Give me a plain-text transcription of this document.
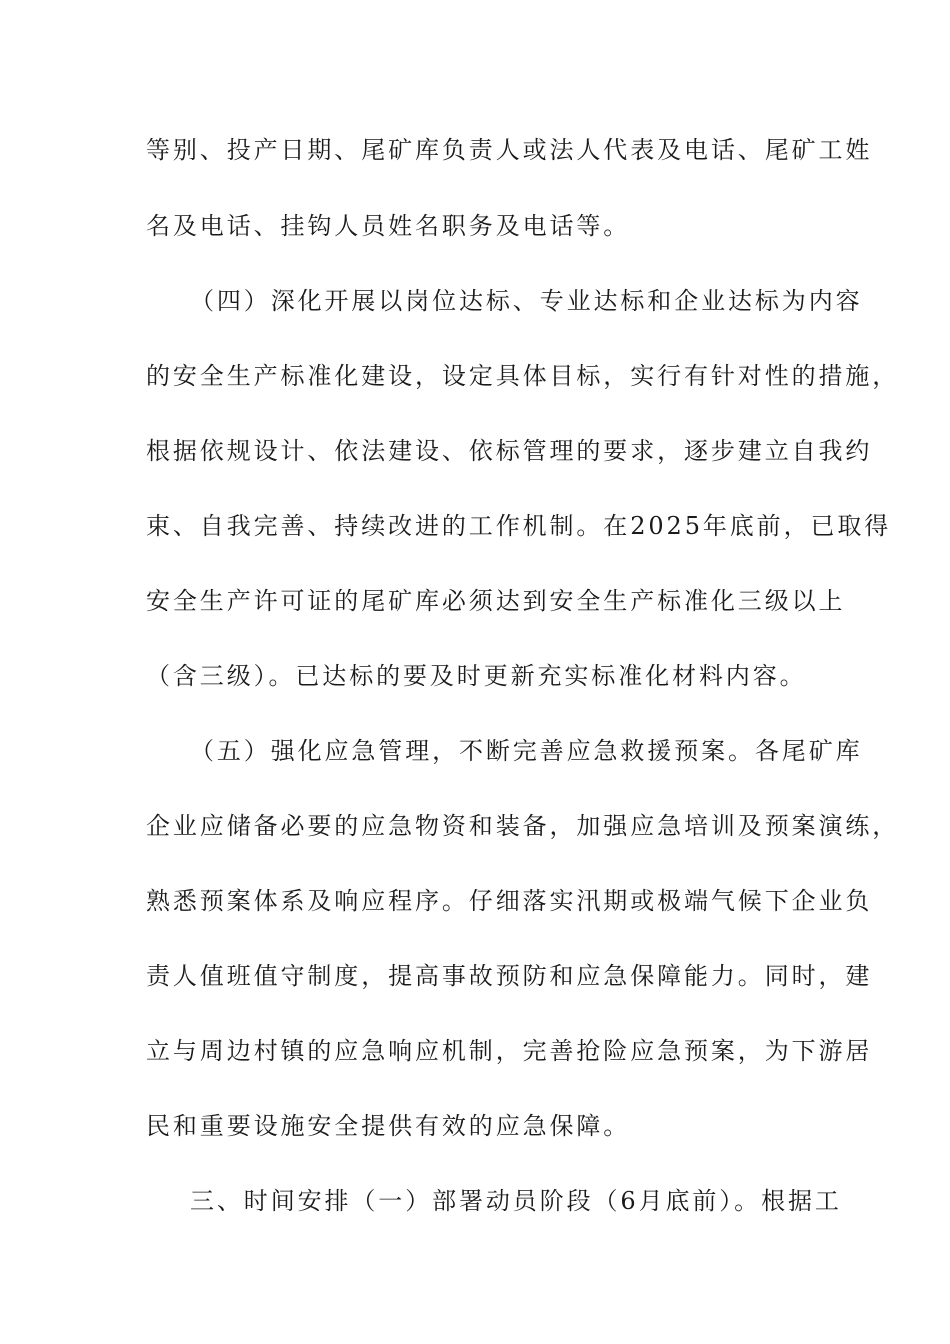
等别、投产日期、尾矿库负责人或法人代表及电话、尾矿工姓
名及电话、挂钩人员姓名职务及电话等。
（四）深化开展以岗位达标、专业达标和企业达标为内容
的安全生产标准化建设，设定具体目标，实行有针对性的措施，
根据依规设计、依法建设、依标管理的要求，逐步建立自我约
束、自我完善、持续改进的工作机制。在2025年底前，已取得
安全生产许可证的尾矿库必须达到安全生产标准化三级以上
（含三级）。已达标的要及时更新充实标准化材料内容。
（五）强化应急管理，不断完善应急救援预案。各尾矿库
企业应储备必要的应急物资和装备，加强应急培训及预案演练，
熟悉预案体系及响应程序。仔细落实汛期或极端气候下企业负
责人值班值守制度，提高事故预防和应急保障能力。同时，建
立与周边村镇的应急响应机制，完善抢险应急预案，为下游居
民和重要设施安全提供有效的应急保障。
三、时间安排（一）部署动员阶段（6月底前）。根据工
